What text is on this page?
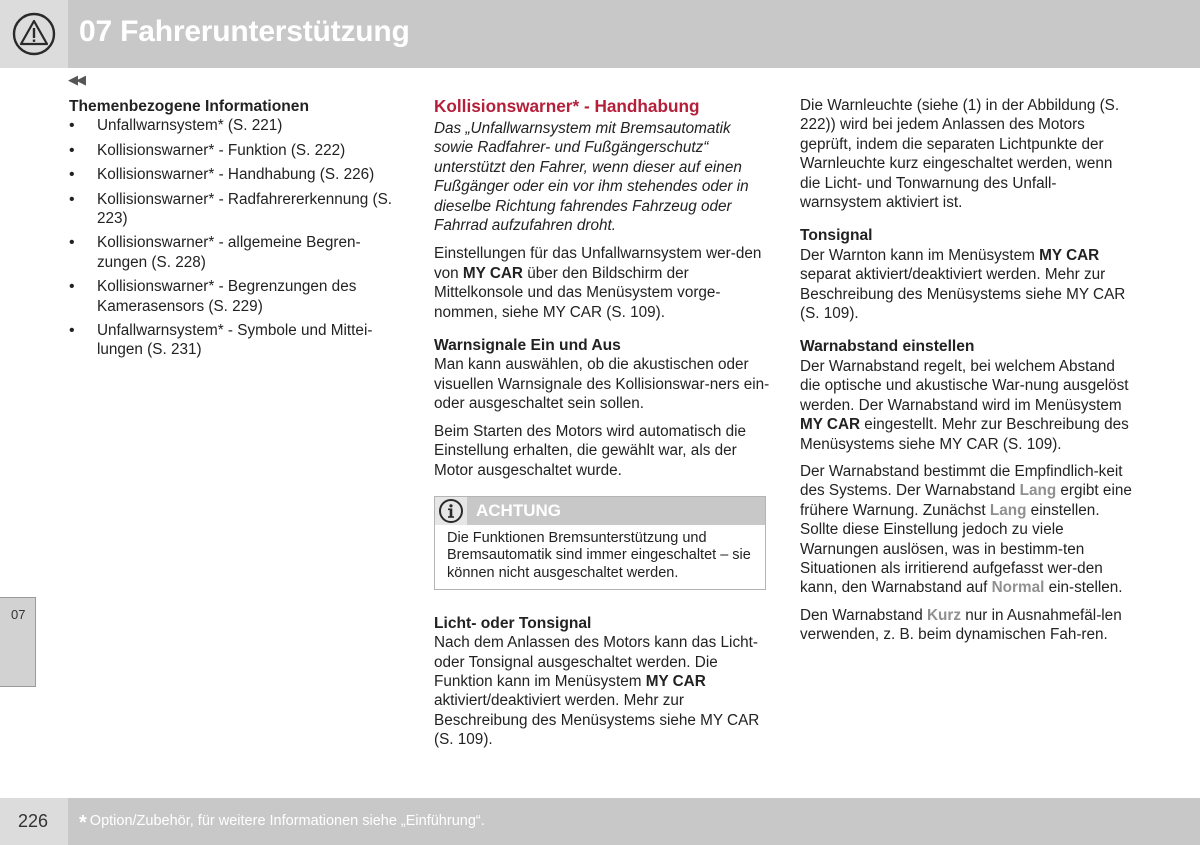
07 Fahrerunterstützung
◀◀
Themenbezogene Informationen
• Unfallwarnsystem* (S. 221)
• Kollisionswarner* - Funktion (S. 222)
• Kollisionswarner* - Handhabung (S. 226)
• Kollisionswarner* - Radfahrererkennung (S. 223)
• Kollisionswarner* - allgemeine Begren-zungen (S. 228)
• Kollisionswarner* - Begrenzungen des Kamerasensors (S. 229)
• Unfallwarnsystem* - Symbole und Mittei-lungen (S. 231)
Kollisionswarner* - Handhabung

Das „Unfallwarnsystem mit Bremsautomatik sowie Radfahrer- und Fußgängerschutz“ unterstützt den Fahrer, wenn dieser auf einen Fußgänger oder ein vor ihm stehendes oder in dieselbe Richtung fahrendes Fahrzeug oder Fahrrad aufzufahren droht.

Einstellungen für das Unfallwarnsystem wer-den von MY CAR über den Bildschirm der Mittelkonsole und das Menüsystem vorge-nommen, siehe MY CAR (S. 109).

Warnsignale Ein und Aus

Man kann auswählen, ob die akustischen oder visuellen Warnsignale des Kollisionswar-ners ein- oder ausgeschaltet sein sollen.

Beim Starten des Motors wird automatisch die Einstellung erhalten, die gewählt war, als der Motor ausgeschaltet wurde.

ACHTUNG
Die Funktionen Bremsunterstützung und Bremsautomatik sind immer eingeschaltet – sie können nicht ausgeschaltet werden.
Licht- oder Tonsignal

Nach dem Anlassen des Motors kann das Licht- oder Tonsignal ausgeschaltet werden. Die Funktion kann im Menüsystem MY CAR aktiviert/deaktiviert werden. Mehr zur Beschreibung des Menüsystems siehe MY CAR (S. 109).

Die Warnleuchte (siehe (1) in der Abbildung (S. 222)) wird bei jedem Anlassen des Motors geprüft, indem die separaten Lichtpunkte der Warnleuchte kurz eingeschaltet werden, wenn die Licht- und Tonwarnung des Unfall-warnsystem aktiviert ist.

Tonsignal

Der Warnton kann im Menüsystem MY CAR separat aktiviert/deaktiviert werden. Mehr zur Beschreibung des Menüsystems siehe MY CAR (S. 109).

Warnabstand einstellen

Der Warnabstand regelt, bei welchem Abstand die optische und akustische War-nung ausgelöst werden. Der Warnabstand wird im Menüsystem MY CAR eingestellt. Mehr zur Beschreibung des Menüsystems siehe MY CAR (S. 109).

Der Warnabstand bestimmt die Empfindlich-keit des Systems. Der Warnabstand Lang ergibt eine frühere Warnung. Zunächst Lang einstellen. Sollte diese Einstellung jedoch zu viele Warnungen auslösen, was in bestimm-ten Situationen als irritierend aufgefasst wer-den kann, den Warnabstand auf Normal ein-stellen.

Den Warnabstand Kurz nur in Ausnahmefäl-len verwenden, z. B. beim dynamischen Fah-ren.

07
226 * Option/Zubehör, für weitere Informationen siehe „Einführung“.
